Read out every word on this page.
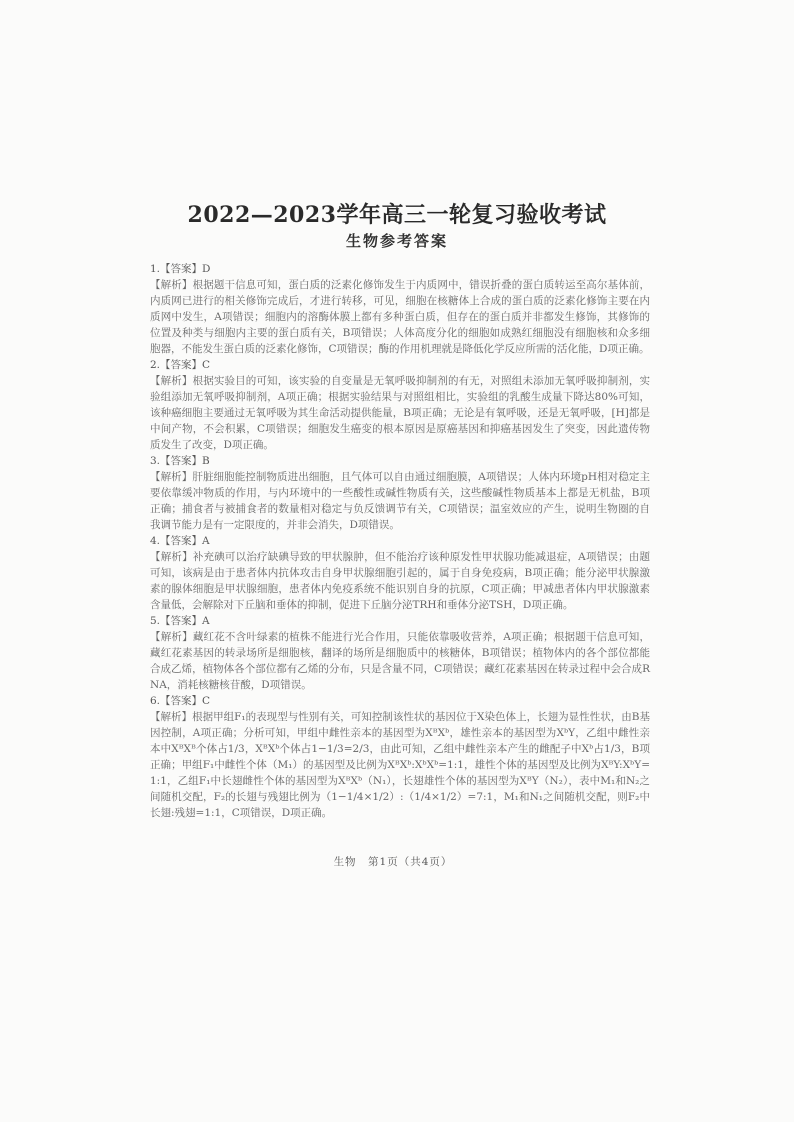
2022—2023学年高三一轮复习验收考试
生物参考答案
1.【答案】D

【解析】根据题干信息可知，蛋白质的泛素化修饰发生于内质网中，错误折叠的蛋白质转运至高尔基体前，内质网已进行的相关修饰完成后，才进行转移，可见，细胞在核糖体上合成的蛋白质的泛素化修饰主要在内质网中发生，A项错误；细胞内的溶酶体膜上都有多种蛋白质，但存在的蛋白质并非都发生修饰，其修饰的位置及种类与细胞内主要的蛋白质有关，B项错误；人体高度分化的细胞如成熟红细胞没有细胞核和众多细胞器，不能发生蛋白质的泛素化修饰，C项错误；酶的作用机理就是降低化学反应所需的活化能，D项正确。

2.【答案】C

【解析】根据实验目的可知，该实验的自变量是无氧呼吸抑制剂的有无，对照组未添加无氧呼吸抑制剂，实验组添加无氧呼吸抑制剂，A项正确；根据实验结果与对照组相比，实验组的乳酸生成量下降达80%可知，该种癌细胞主要通过无氧呼吸为其生命活动提供能量，B项正确；无论是有氧呼吸，还是无氧呼吸，[H]都是中间产物，不会积累，C项错误；细胞发生癌变的根本原因是原癌基因和抑癌基因发生了突变，因此遗传物质发生了改变，D项正确。

3.【答案】B

【解析】肝脏细胞能控制物质进出细胞，且气体可以自由通过细胞膜，A项错误；人体内环境pH相对稳定主要依靠缓冲物质的作用，与内环境中的一些酸性或碱性物质有关，这些酸碱性物质基本上都是无机盐，B项正确；捕食者与被捕食者的数量相对稳定与负反馈调节有关，C项错误；温室效应的产生，说明生物圈的自我调节能力是有一定限度的，并非会消失，D项错误。

4.【答案】A

【解析】补充碘可以治疗缺碘导致的甲状腺肿，但不能治疗该种原发性甲状腺功能减退症，A项错误；由题可知，该病是由于患者体内抗体攻击自身甲状腺细胞引起的，属于自身免疫病，B项正确；能分泌甲状腺激素的腺体细胞是甲状腺细胞，患者体内免疫系统不能识别自身的抗原，C项正确；甲减患者体内甲状腺激素含量低，会解除对下丘脑和垂体的抑制，促进下丘脑分泌TRH和垂体分泌TSH，D项正确。

5.【答案】A

【解析】藏红花不含叶绿素的植株不能进行光合作用，只能依靠吸收营养，A项正确；根据题干信息可知，藏红花素基因的转录场所是细胞核，翻译的场所是细胞质中的核糖体，B项错误；植物体内的各个部位都能合成乙烯，植物体各个部位都有乙烯的分布，只是含量不同，C项错误；藏红花素基因在转录过程中会合成RNA，消耗核糖核苷酸，D项错误。

6.【答案】C

【解析】根据甲组F₁的表现型与性别有关，可知控制该性状的基因位于X染色体上，长翅为显性性状，由B基因控制，A项正确；分析可知，甲组中雌性亲本的基因型为XᴮXᵇ，雄性亲本的基因型为XᵇY，乙组中雌性亲本中XᴮXᴮ个体占1/3，XᴮXᵇ个体占1−1/3=2/3，由此可知，乙组中雌性亲本产生的雌配子中Xᵇ占1/3，B项正确；甲组F₁中雌性个体（M₁）的基因型及比例为XᴮXᵇ:XᵇXᵇ=1:1，雄性个体的基因型及比例为XᴮY:XᵇY=1:1，乙组F₁中长翅雌性个体的基因型为XᴮXᵇ（N₁），长翅雄性个体的基因型为XᴮY（N₂），表中M₁和N₂之间随机交配，F₂的长翅与残翅比例为（1−1/4×1/2）:（1/4×1/2）=7:1，M₁和N₁之间随机交配，则F₂中长翅:残翅=1:1，C项错误，D项正确。

生物　第1页（共4页）
